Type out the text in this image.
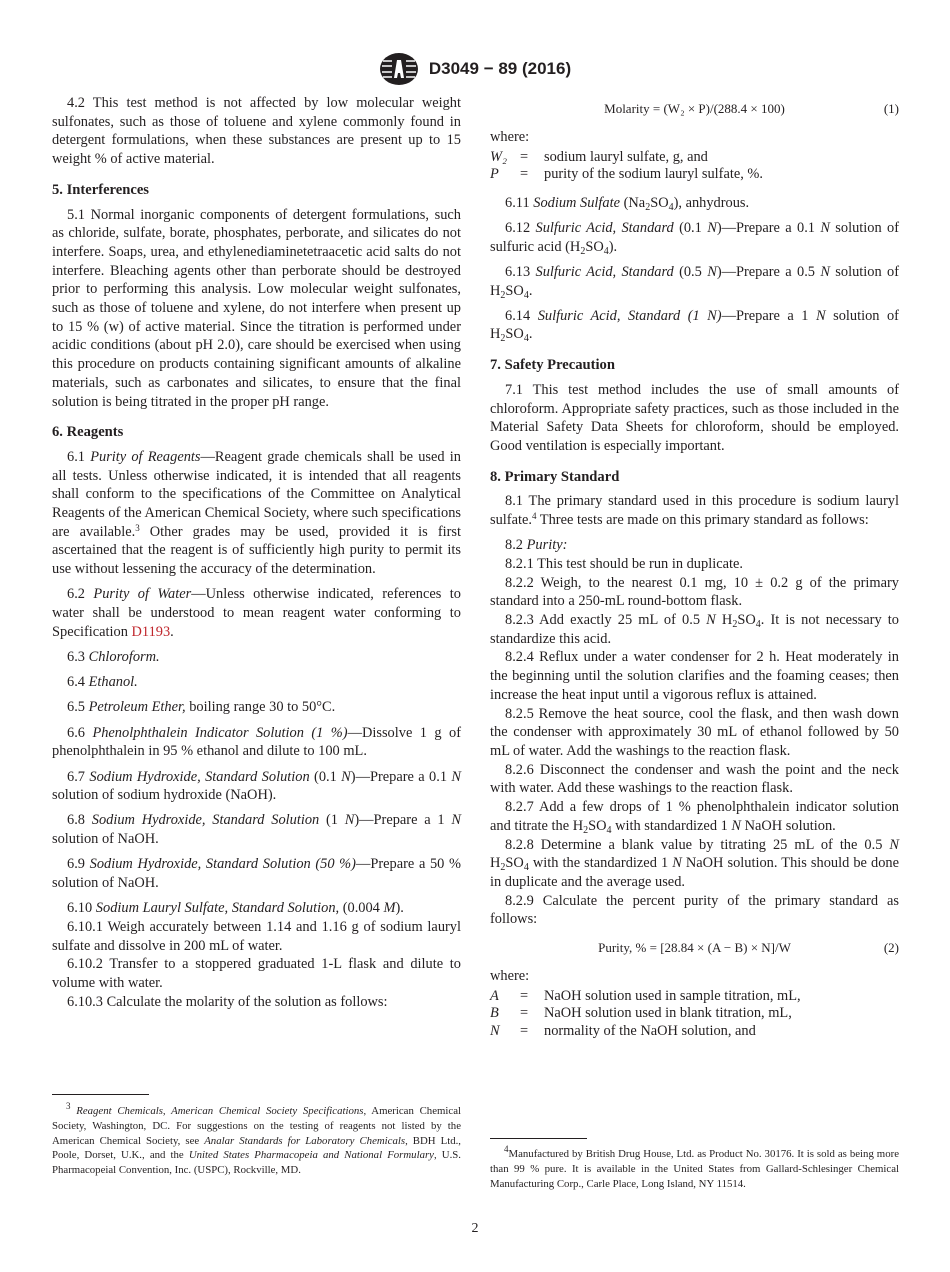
D3049 − 89 (2016)

4.2 This test method is not affected by low molecular weight sulfonates, such as those of toluene and xylene commonly found in detergent formulations, when these substances are present up to 15 weight % of active material.

5. Interferences

5.1 Normal inorganic components of detergent formulations, such as chloride, sulfate, borate, phosphates, perborate, and silicates do not interfere. Soaps, urea, and ethylenediaminetetraacetic acid salts do not interfere. Bleaching agents other than perborate should be destroyed prior to performing this analysis. Low molecular weight sulfonates, such as those of toluene and xylene, do not interfere when present up to 15 % (w) of active material. Since the titration is performed under acidic conditions (about pH 2.0), care should be exercised when using this procedure on products containing significant amounts of alkaline materials, such as carbonates and silicates, to ensure that the final solution is being titrated in the proper pH range.

6. Reagents

6.1 Purity of Reagents—Reagent grade chemicals shall be used in all tests. Unless otherwise indicated, it is intended that all reagents shall conform to the specifications of the Committee on Analytical Reagents of the American Chemical Society, where such specifications are available.$^3$ Other grades may be used, provided it is first ascertained that the reagent is of sufficiently high purity to permit its use without lessening the accuracy of the determination.

6.2 Purity of Water—Unless otherwise indicated, references to water shall be understood to mean reagent water conforming to Specification D1193.

6.3 Chloroform.

6.4 Ethanol.

6.5 Petroleum Ether, boiling range 30 to 50°C.

6.6 Phenolphthalein Indicator Solution (1 %)—Dissolve 1 g of phenolphthalein in 95 % ethanol and dilute to 100 mL.

6.7 Sodium Hydroxide, Standard Solution (0.1 N)—Prepare a 0.1 N solution of sodium hydroxide (NaOH).

6.8 Sodium Hydroxide, Standard Solution (1 N)—Prepare a 1 N solution of NaOH.

6.9 Sodium Hydroxide, Standard Solution (50 %)—Prepare a 50 % solution of NaOH.

6.10 Sodium Lauryl Sulfate, Standard Solution, (0.004 M).

6.10.1 Weigh accurately between 1.14 and 1.16 g of sodium lauryl sulfate and dissolve in 200 mL of water.

6.10.2 Transfer to a stoppered graduated 1-L flask and dilute to volume with water.

6.10.3 Calculate the molarity of the solution as follows:

$^3$ Reagent Chemicals, American Chemical Society Specifications, American Chemical Society, Washington, DC. For suggestions on the testing of reagents not listed by the American Chemical Society, see Analar Standards for Laboratory Chemicals, BDH Ltd., Poole, Dorset, U.K., and the United States Pharmacopeia and National Formulary, U.S. Pharmacopeial Convention, Inc. (USPC), Rockville, MD.
Molarity = (W₂ × P)/(288.4 × 100)	(1)

where:

W₂ =	sodium lauryl sulfate, g, and
P	=	purity of the sodium lauryl sulfate, %.

6.11 Sodium Sulfate $(Na_2SO_4)$, anhydrous.

6.12 Sulfuric Acid, Standard (0.1 N)—Prepare a 0.1 N solution of sulfuric acid $(H_2SO_4)$.

6.13 Sulfuric Acid, Standard (0.5 N)—Prepare a 0.5 N solution of $H_2SO_4$.

6.14 Sulfuric Acid, Standard (1 N)—Prepare a 1 N solution of $H_2SO_4$.

7. Safety Precaution

7.1 This test method includes the use of small amounts of chloroform. Appropriate safety practices, such as those included in the Material Safety Data Sheets for chloroform, should be employed. Good ventilation is especially important.

8. Primary Standard

8.1 The primary standard used in this procedure is sodium lauryl sulfate.$^4$ Three tests are made on this primary standard as follows:

8.2 Purity:

8.2.1 This test should be run in duplicate.

8.2.2 Weigh, to the nearest 0.1 mg, 10 ± 0.2 g of the primary standard into a 250-mL round-bottom flask.

8.2.3 Add exactly 25 mL of 0.5 N $H_2SO_4$. It is not necessary to standardize this acid.

8.2.4 Reflux under a water condenser for 2 h. Heat moderately in the beginning until the solution clarifies and the foaming ceases; then increase the heat input until a vigorous reflux is attained.

8.2.5 Remove the heat source, cool the flask, and then wash down the condenser with approximately 30 mL of ethanol followed by 50 mL of water. Add the washings to the reaction flask.

8.2.6 Disconnect the condenser and wash the point and the neck with water. Add these washings to the reaction flask.

8.2.7 Add a few drops of 1 % phenolphthalein indicator solution and titrate the $H_2SO_4$ with standardized 1 N NaOH solution.

8.2.8 Determine a blank value by titrating 25 mL of the 0.5 N $H_2SO_4$ with the standardized 1 N NaOH solution. This should be done in duplicate and the average used.

8.2.9 Calculate the percent purity of the primary standard as follows:

Purity, % = [28.84 × (A − B) × N]/W	(2)

where:

A	=	NaOH solution used in sample titration, mL,
B	=	NaOH solution used in blank titration, mL,
N	=	normality of the NaOH solution, and
$^4$Manufactured by British Drug House, Ltd. as Product No. 30176. It is sold as being more than 99 % pure. It is available in the United States from Gallard-Schlesinger Chemical Manufacturing Corp., Carle Place, Long Island, NY 11514.
2
